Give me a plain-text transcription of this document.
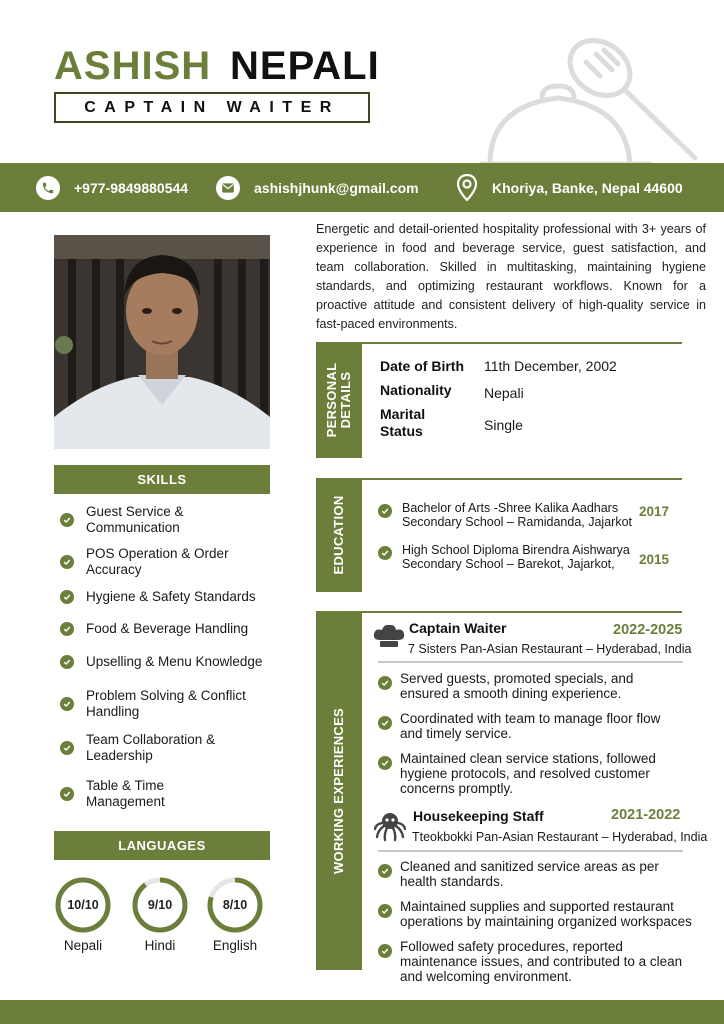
ASHISH NEPALI
CAPTAIN WAITER
+977-9849880544	ashishjhunk@gmail.com	Khoriya, Banke, Nepal 44600
SKILLS
Guest Service & Communication
POS Operation & Order Accuracy
Hygiene & Safety Standards
Food & Beverage Handling
Upselling & Menu Knowledge
Problem Solving & Conflict Handling
Team Collaboration & Leadership
Table & Time Management
LANGUAGES
10/10
Nepali
9/10
Hindi
8/10
English
Energetic and detail-oriented hospitality professional with 3+ years of experience in food and beverage service, guest satisfaction, and team collaboration. Skilled in multitasking, maintaining hygiene standards, and optimizing restaurant workflows. Known for a proactive attitude and consistent delivery of high-quality service in fast-paced environments.
PERSONAL DETAILS
Date of Birth 11th December, 2002
Nationality Nepali
Marital
Status	Single
EDUCATION	Bachelor of Arts -Shree Kalika Aadhars
Secondary School – Ramidanda, Jajarkot
2017
High School Diploma Birendra Aishwarya
Secondary School – Barekot, Jajarkot,	2015
WORKING EXPERIENCES
Captain Waiter	2022-2025
7 Sisters Pan-Asian Restaurant – Hyderabad, India
Served guests, promoted specials, and
ensured a smooth dining experience.
Coordinated with team to manage floor flow
and timely service.
Maintained clean service stations, followed
hygiene protocols, and resolved customer
concerns promptly.
Housekeeping Staff	2021-2022
Tteokbokki Pan-Asian Restaurant – Hyderabad, India
Cleaned and sanitized service areas as per
health standards.
Maintained supplies and supported restaurant
operations by maintaining organized workspaces
Followed safety procedures, reported
maintenance issues, and contributed to a clean
and welcoming environment.
